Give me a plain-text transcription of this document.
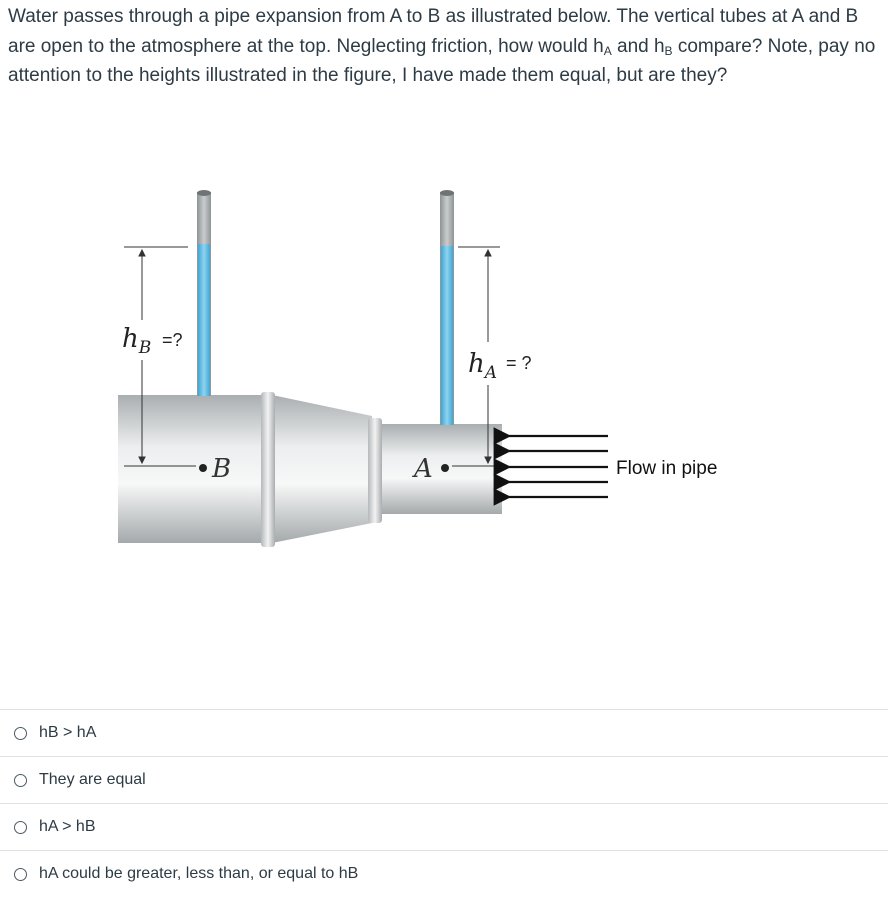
Water passes through a pipe expansion from A to B as illustrated below. The vertical tubes at A and B are open to the atmosphere at the top. Neglecting friction, how would $h_A$ and $h_B$ compare? Note, pay no attention to the heights illustrated in the figure, I have made them equal, but are they?
$h_B$ =?
$h_A$ = ?
B	A	Flow in pipe
hB > hA
They are equal
hA > hB
hA could be greater, less than, or equal to hB
